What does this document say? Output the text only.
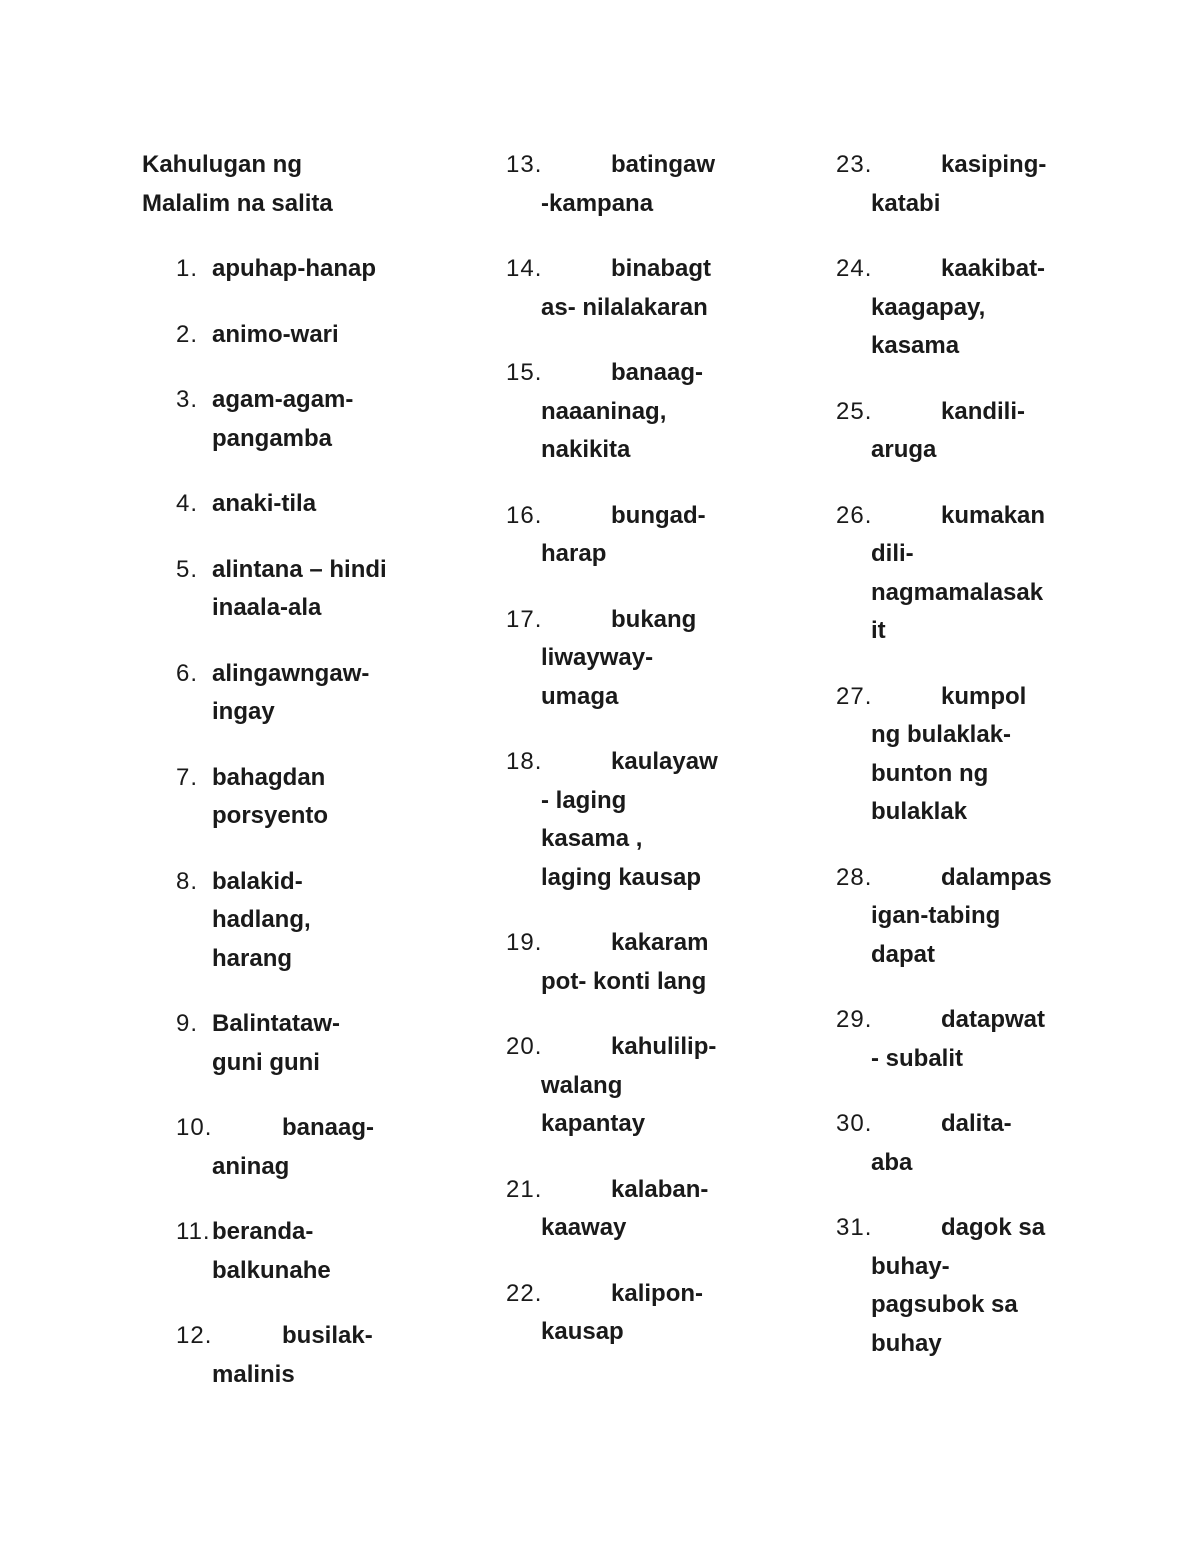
Kahulugan ng
Malalim na salita
1. apuhap-hanap
2. animo-wari
3. agam-agam-
pangamba
4. anaki-tila
5. alintana – hindi
inaala-ala
6. alingawngaw-
ingay
7. bahagdan
porsyento
8. balakid-
hadlang,
harang
9. Balintataw-
guni guni
10.	banaag-
aninag
11. beranda-
balkunahe
12.	busilak-
malinis
13.	batingaw
-kampana
14.	binabagt
as- nilalakaran
15.	banaag-
naaaninag,
nakikita
16.	bungad-
harap
17.	bukang
liwayway-
umaga
18.	kaulayaw
- laging
kasama ,
laging kausap
19.	kakaram
pot- konti lang
20.	kahulilip-
walang
kapantay
21.	kalaban-
kaaway
22.	kalipon-
kausap
23.	kasiping-
katabi
24.	kaakibat-
kaagapay,
kasama
25.	kandili-
aruga
26.	kumakan
dili-
nagmamalasak
it
27.	kumpol
ng bulaklak-
bunton ng
bulaklak
28.	dalampas
igan-tabing
dapat
29.	datapwat
- subalit
30.	dalita-
aba
31.	dagok sa
buhay-
pagsubok sa
buhay
